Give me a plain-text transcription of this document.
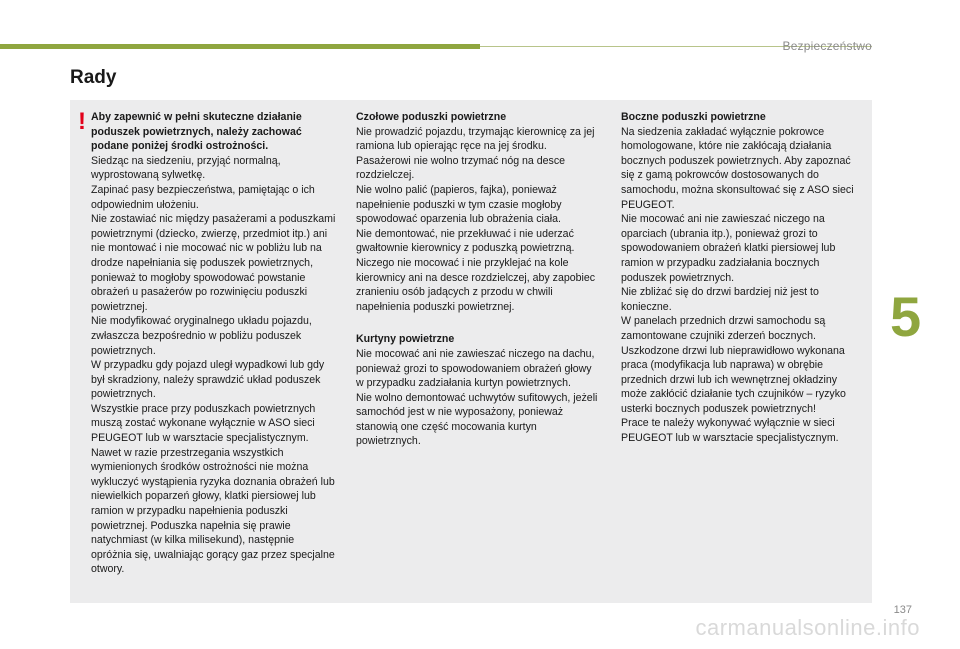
Bezpieczeństwo
Rady
! Aby zapewnić w pełni skuteczne działanie poduszek powietrznych, należy zachować podane poniżej środki ostrożności.

Siedząc na siedzeniu, przyjąć normalną, wyprostowaną sylwetkę.

Zapinać pasy bezpieczeństwa, pamiętając o ich odpowiednim ułożeniu.

Nie zostawiać nic między pasażerami a poduszkami powietrznymi (dziecko, zwierzę, przedmiot itp.) ani nie montować i nie mocować nic w pobliżu lub na drodze napełniania się poduszek powietrznych, ponieważ to mogłoby spowodować powstanie obrażeń u pasażerów po rozwinięciu poduszki powietrznej.

Nie modyfikować oryginalnego układu pojazdu, zwłaszcza bezpośrednio w pobliżu poduszek powietrznych.

W przypadku gdy pojazd uległ wypadkowi lub gdy był skradziony, należy sprawdzić układ poduszek powietrznych.

Wszystkie prace przy poduszkach powietrznych muszą zostać wykonane wyłącznie w ASO sieci PEUGEOT lub w warsztacie specjalistycznym.

Nawet w razie przestrzegania wszystkich wymienionych środków ostrożności nie można wykluczyć wystąpienia ryzyka doznania obrażeń lub niewielkich poparzeń głowy, klatki piersiowej lub ramion w przypadku napełnienia poduszki powietrznej. Poduszka napełnia się prawie natychmiast (w kilka milisekund), następnie opróżnia się, uwalniając gorący gaz przez specjalne otwory.

Czołowe poduszki powietrzne

Nie prowadzić pojazdu, trzymając kierownicę za jej ramiona lub opierając ręce na jej środku.

Pasażerowi nie wolno trzymać nóg na desce rozdzielczej.

Nie wolno palić (papieros, fajka), ponieważ napełnienie poduszki w tym czasie mogłoby spowodować oparzenia lub obrażenia ciała.

Nie demontować, nie przekłuwać i nie uderzać gwałtownie kierownicy z poduszką powietrzną.

Niczego nie mocować i nie przyklejać na kole kierownicy ani na desce rozdzielczej, aby zapobiec zranieniu osób jadących z przodu w chwili napełnienia poduszki powietrznej.

Kurtyny powietrzne

Nie mocować ani nie zawieszać niczego na dachu, ponieważ grozi to spowodowaniem obrażeń głowy w przypadku zadziałania kurtyn powietrznych.

Nie wolno demontować uchwytów sufitowych, jeżeli samochód jest w nie wyposażony, ponieważ stanowią one część mocowania kurtyn powietrznych.

Boczne poduszki powietrzne

Na siedzenia zakładać wyłącznie pokrowce homologowane, które nie zakłócają działania bocznych poduszek powietrznych. Aby zapoznać się z gamą pokrowców dostosowanych do samochodu, można skonsultować się z ASO sieci PEUGEOT.

Nie mocować ani nie zawieszać niczego na oparciach (ubrania itp.), ponieważ grozi to spowodowaniem obrażeń klatki piersiowej lub ramion w przypadku zadziałania bocznych poduszek powietrznych.

Nie zbliżać się do drzwi bardziej niż jest to konieczne.

W panelach przednich drzwi samochodu są zamontowane czujniki zderzeń bocznych.

Uszkodzone drzwi lub nieprawidłowo wykonana praca (modyfikacja lub naprawa) w obrębie przednich drzwi lub ich wewnętrznej okładziny może zakłócić działanie tych czujników – ryzyko usterki bocznych poduszek powietrznych!

Prace te należy wykonywać wyłącznie w sieci PEUGEOT lub w warsztacie specjalistycznym.

5
137
carmanualsonline.info
